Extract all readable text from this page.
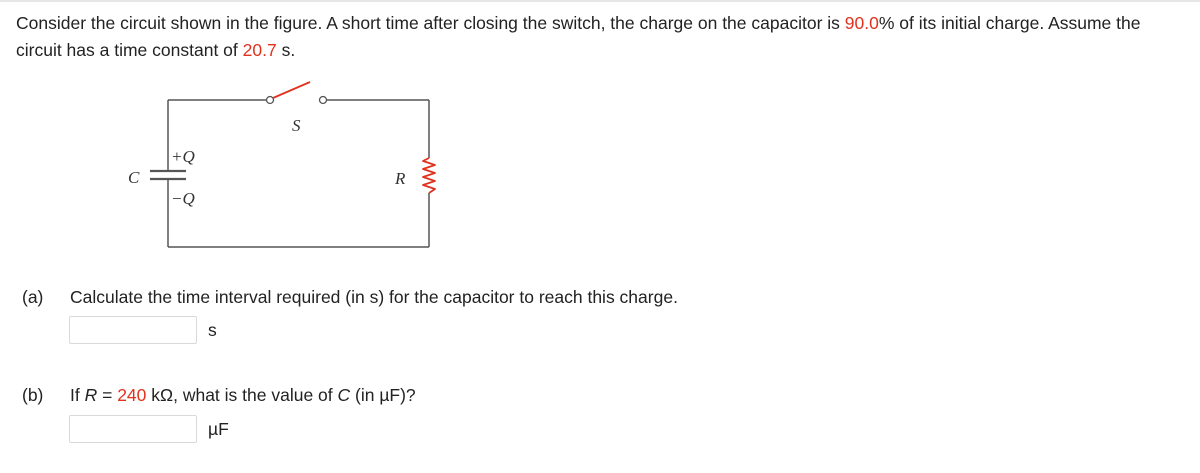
Consider the circuit shown in the figure. A short time after closing the switch, the charge on the capacitor is 90.0% of its initial charge. Assume the circuit has a time constant of 20.7 s.

S
C
+Q
−Q
R

(a) Calculate the time interval required (in s) for the capacitor to reach this charge.

s

(b) If R = 240 kΩ, what is the value of C (in µF)?

µF
